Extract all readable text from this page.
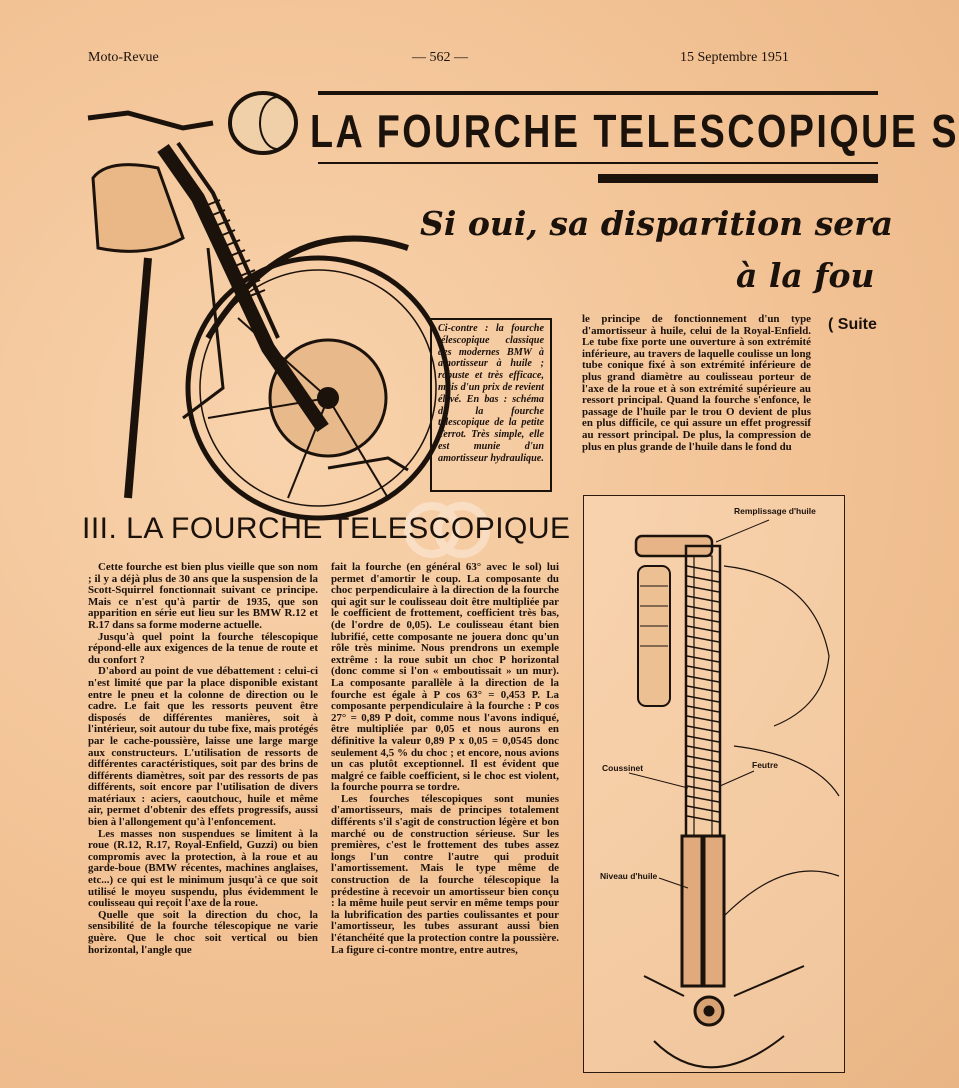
Moto-Revue	— 562 —	15 Septembre 1951
LA FOURCHE TELESCOPIQUE S
Si oui, sa disparition sera
à la fou
( Suite
Ci-contre : la fourche télescopique classique des modernes BMW à amortisseur à huile ; robuste et très efficace, mais d'un prix de revient élevé. En bas : schéma de la fourche télescopique de la petite Terrot. Très simple, elle est munie d'un amortisseur hydraulique.
III. LA FOURCHE TELESCOPIQUE

Cette fourche est bien plus vieille que son nom ; il y a déjà plus de 30 ans que la suspension de la Scott-Squirrel fonctionnait suivant ce principe. Mais ce n'est qu'à partir de 1935, que son apparition en série eut lieu sur les BMW R.12 et R.17 dans sa forme moderne actuelle.

Jusqu'à quel point la fourche télescopique répond-elle aux exigences de la tenue de route et du confort ?

D'abord au point de vue débattement : celui-ci n'est limité que par la place disponible existant entre le pneu et la colonne de direction ou le cadre. Le fait que les ressorts peuvent être disposés de différentes manières, soit à l'intérieur, soit autour du tube fixe, mais protégés par le cache-poussière, laisse une large marge aux constructeurs. L'utilisation de ressorts de différentes caractéristiques, soit par des brins de différents diamètres, soit par des ressorts de pas différents, soit encore par l'utilisation de divers matériaux : aciers, caoutchouc, huile et même air, permet d'obtenir des effets progressifs, aussi bien à l'allongement qu'à l'enfoncement.

Les masses non suspendues se limitent à la roue (R.12, R.17, Royal-Enfield, Guzzi) ou bien compromis avec la protection, à la roue et au garde-boue (BMW récentes, machines anglaises, etc...) ce qui est le minimum jusqu'à ce que soit utilisé le moyeu suspendu, plus évidemment le coulisseau qui reçoit l'axe de la roue.

Quelle que soit la direction du choc, la sensibilité de la fourche télescopique ne varie guère. Que le choc soit vertical ou bien horizontal, l'angle que

fait la fourche (en général 63° avec le sol) lui permet d'amortir le coup. La composante du choc perpendiculaire à la direction de la fourche qui agit sur le coulisseau doit être multipliée par le coefficient de frottement, coefficient très bas, (de l'ordre de 0,05). Le coulisseau étant bien lubrifié, cette composante ne jouera donc qu'un rôle très minime. Nous prendrons un exemple extrême : la roue subit un choc P horizontal (donc comme si l'on « emboutissait » un mur). La composante parallèle à la direction de la fourche est égale à P cos 63° = 0,453 P. La composante perpendiculaire à la fourche : P cos 27° = 0,89 P doit, comme nous l'avons indiqué, être multipliée par 0,05 et nous aurons en définitive la valeur 0,89 P x 0,05 = 0,0545 donc seulement 4,5 % du choc ; et encore, nous avions un cas plutôt exceptionnel. Il est évident que malgré ce faible coefficient, si le choc est violent, la fourche pourra se tordre.

Les fourches télescopiques sont munies d'amortisseurs, mais de principes totalement différents s'il s'agit de construction légère et bon marché ou de construction sérieuse. Sur les premières, c'est le frottement des tubes assez longs l'un contre l'autre qui produit l'amortissement. Mais le type même de construction de la fourche télescopique la prédestine à recevoir un amortisseur bien conçu : la même huile peut servir en même temps pour la lubrification des parties coulissantes et pour l'amortisseur, les tubes assurant aussi bien l'étanchéité que la protection contre la poussière. La figure ci-contre montre, entre autres,

le principe de fonctionnement d'un type d'amortisseur à huile, celui de la Royal-Enfield. Le tube fixe porte une ouverture à son extrémité inférieure, au travers de laquelle coulisse un long tube conique fixé à son extrémité inférieure de plus grand diamètre au coulisseau porteur de l'axe de la roue et à son extrémité supérieure au ressort principal. Quand la fourche s'enfonce, le passage de l'huile par le trou O devient de plus en plus difficile, ce qui assure un effet progressif au ressort principal. De plus, la compression de plus en plus grande de l'huile dans le fond du

Remplissage d'huile
Coussinet	Feutre
Niveau d'huile
